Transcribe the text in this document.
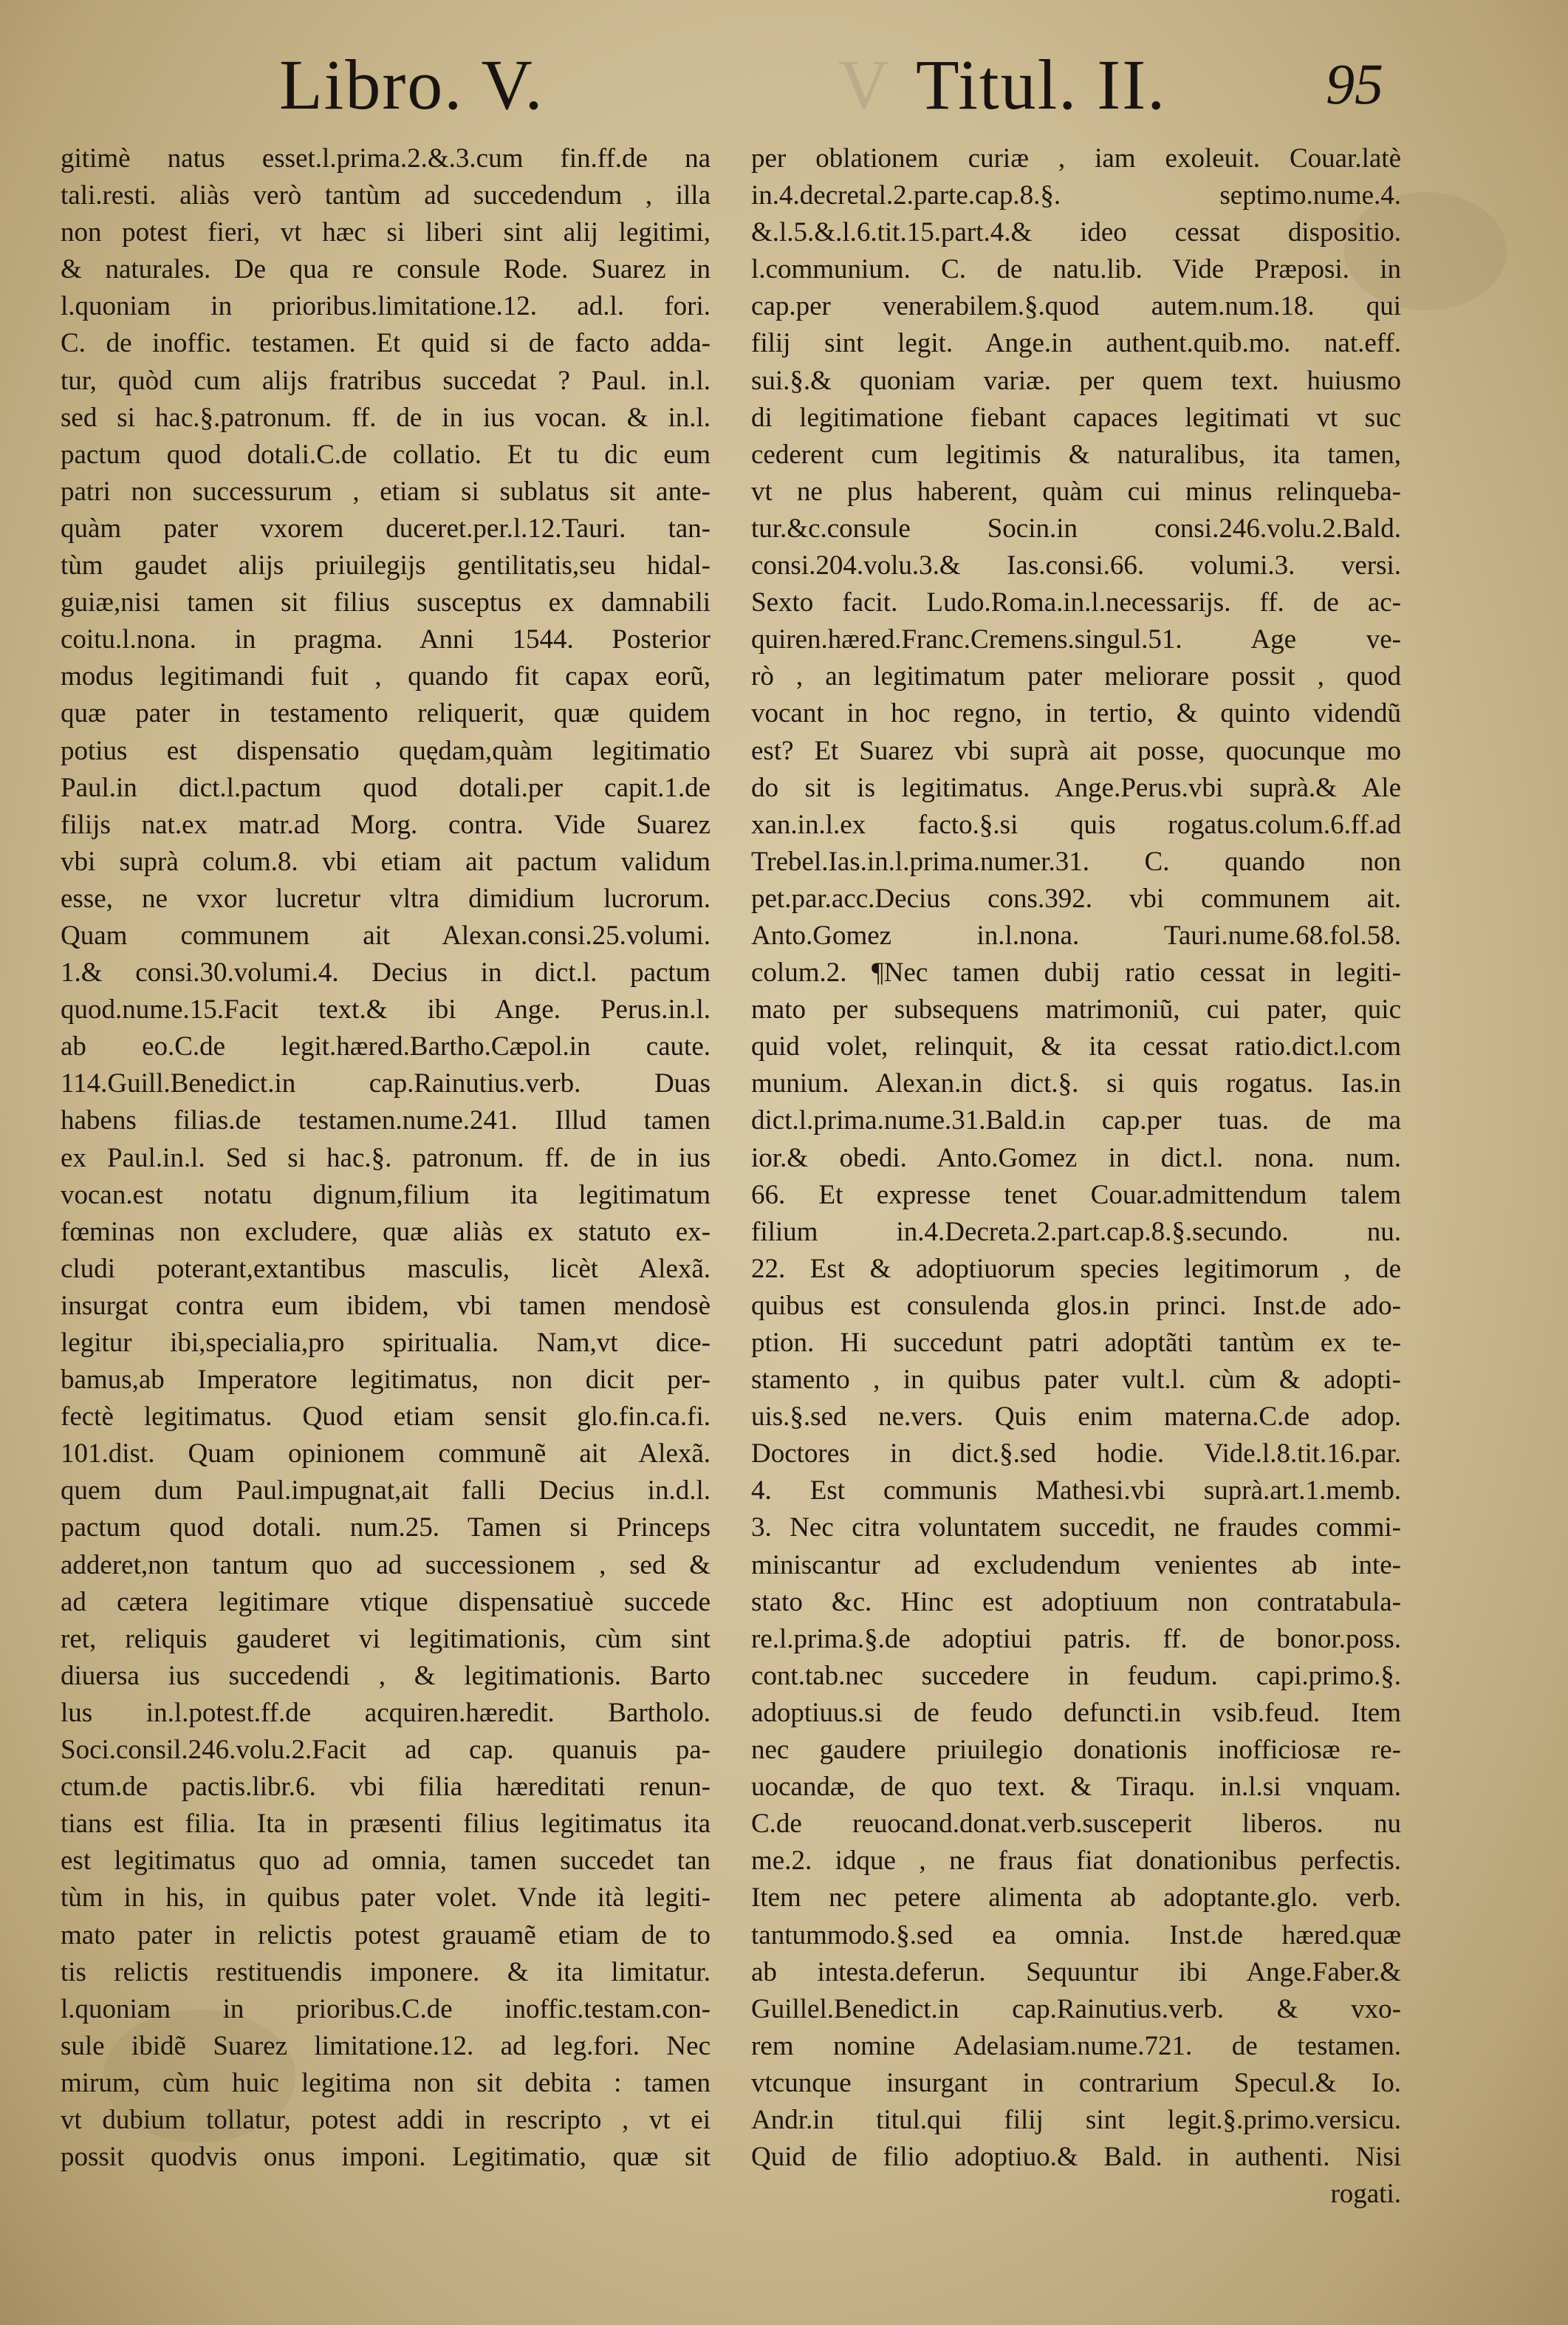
Libro. V.	V Titul. II.	95
gitimè natus esset.l.prima.2.&.3.cum fin.ff.de na
tali.resti. aliàs verò tantùm ad succedendum , illa
non potest fieri, vt hæc si liberi sint alij legitimi,
& naturales. De qua re consule Rode. Suarez in
l.quoniam in prioribus.limitatione.12. ad.l. fori.
C. de inoffic. testamen. Et quid si de facto adda-
tur, quòd cum alijs fratribus succedat ? Paul. in.l.
sed si hac.§.patronum. ff. de in ius vocan. & in.l.
pactum quod dotali.C.de collatio. Et tu dic eum
patri non successurum , etiam si sublatus sit ante-
quàm pater vxorem duceret.per.l.12.Tauri. tan-
tùm gaudet alijs priuilegijs gentilitatis,seu hidal-
guiæ,nisi tamen sit filius susceptus ex damnabili
coitu.l.nona. in pragma. Anni 1544. Posterior
modus legitimandi fuit , quando fit capax eorũ,
quæ pater in testamento reliquerit, quæ quidem
potius est dispensatio quędam,quàm legitimatio
Paul.in dict.l.pactum quod dotali.per capit.1.de
filijs nat.ex matr.ad Morg. contra. Vide Suarez
vbi suprà colum.8. vbi etiam ait pactum validum
esse, ne vxor lucretur vltra dimidium lucrorum.
Quam communem ait Alexan.consi.25.volumi.
1.& consi.30.volumi.4. Decius in dict.l. pactum
quod.nume.15.Facit text.& ibi Ange. Perus.in.l.
ab eo.C.de legit.hæred.Bartho.Cæpol.in caute.
114.Guill.Benedict.in cap.Rainutius.verb. Duas
habens filias.de testamen.nume.241. Illud tamen
ex Paul.in.l. Sed si hac.§. patronum. ff. de in ius
vocan.est notatu dignum,filium ita legitimatum
fœminas non excludere, quæ aliàs ex statuto ex-
cludi poterant,extantibus masculis, licèt Alexã.
insurgat contra eum ibidem, vbi tamen mendosè
legitur ibi,specialia,pro spiritualia. Nam,vt dice-
bamus,ab Imperatore legitimatus, non dicit per-
fectè legitimatus. Quod etiam sensit glo.fin.ca.fi.
101.dist. Quam opinionem communẽ ait Alexã.
quem dum Paul.impugnat,ait falli Decius in.d.l.
pactum quod dotali. num.25. Tamen si Princeps
adderet,non tantum quo ad successionem , sed &
ad cætera legitimare vtique dispensatiuè succede
ret, reliquis gauderet vi legitimationis, cùm sint
diuersa ius succedendi , & legitimationis. Barto
lus in.l.potest.ff.de acquiren.hæredit. Bartholo.
Soci.consil.246.volu.2.Facit ad cap. quanuis pa-
ctum.de pactis.libr.6. vbi filia hæreditati renun-
tians est filia. Ita in præsenti filius legitimatus ita
est legitimatus quo ad omnia, tamen succedet tan
tùm in his, in quibus pater volet. Vnde ità legiti-
mato pater in relictis potest grauamẽ etiam de to
tis relictis restituendis imponere. & ita limitatur.
l.quoniam in prioribus.C.de inoffic.testam.con-
sule ibidẽ Suarez limitatione.12. ad leg.fori. Nec
mirum, cùm huic legitima non sit debita : tamen
vt dubium tollatur, potest addi in rescripto , vt ei
possit quodvis onus imponi. Legitimatio, quæ sit
per oblationem curiæ , iam exoleuit. Couar.latè
in.4.decretal.2.parte.cap.8.§. septimo.nume.4.
&.l.5.&.l.6.tit.15.part.4.& ideo cessat dispositio.
l.communium. C. de natu.lib. Vide Præposi. in
cap.per venerabilem.§.quod autem.num.18. qui
filij sint legit. Ange.in authent.quib.mo. nat.eff.
sui.§.& quoniam variæ. per quem text. huiusmo
di legitimatione fiebant capaces legitimati vt suc
cederent cum legitimis & naturalibus, ita tamen,
vt ne plus haberent, quàm cui minus relinqueba-
tur.&c.consule Socin.in consi.246.volu.2.Bald.
consi.204.volu.3.& Ias.consi.66. volumi.3. versi.
Sexto facit. Ludo.Roma.in.l.necessarijs. ff. de ac-
quiren.hæred.Franc.Cremens.singul.51. Age ve-
rò , an legitimatum pater meliorare possit , quod
vocant in hoc regno, in tertio, & quinto videndũ
est? Et Suarez vbi suprà ait posse, quocunque mo
do sit is legitimatus. Ange.Perus.vbi suprà.& Ale
xan.in.l.ex facto.§.si quis rogatus.colum.6.ff.ad
Trebel.Ias.in.l.prima.numer.31. C. quando non
pet.par.acc.Decius cons.392. vbi communem ait.
Anto.Gomez in.l.nona. Tauri.nume.68.fol.58.
colum.2. ¶Nec tamen dubij ratio cessat in legiti-
mato per subsequens matrimoniũ, cui pater, quic
quid volet, relinquit, & ita cessat ratio.dict.l.com
munium. Alexan.in dict.§. si quis rogatus. Ias.in
dict.l.prima.nume.31.Bald.in cap.per tuas. de ma
ior.& obedi. Anto.Gomez in dict.l. nona. num.
66. Et expresse tenet Couar.admittendum talem
filium in.4.Decreta.2.part.cap.8.§.secundo. nu.
22. Est & adoptiuorum species legitimorum , de
quibus est consulenda glos.in princi. Inst.de ado-
ption. Hi succedunt patri adoptãti tantùm ex te-
stamento , in quibus pater vult.l. cùm & adopti-
uis.§.sed ne.vers. Quis enim materna.C.de adop.
Doctores in dict.§.sed hodie. Vide.l.8.tit.16.par.
4. Est communis Mathesi.vbi suprà.art.1.memb.
3. Nec citra voluntatem succedit, ne fraudes commi-
miniscantur ad excludendum venientes ab inte-
stato &c. Hinc est adoptiuum non contratabula-
re.l.prima.§.de adoptiui patris. ff. de bonor.poss.
cont.tab.nec succedere in feudum. capi.primo.§.
adoptiuus.si de feudo defuncti.in vsib.feud. Item
nec gaudere priuilegio donationis inofficiosæ re-
uocandæ, de quo text. & Tiraqu. in.l.si vnquam.
C.de reuocand.donat.verb.susceperit liberos. nu
me.2. idque , ne fraus fiat donationibus perfectis.
Item nec petere alimenta ab adoptante.glo. verb.
tantummodo.§.sed ea omnia. Inst.de hæred.quæ
ab intesta.deferun. Sequuntur ibi Ange.Faber.&
Guillel.Benedict.in cap.Rainutius.verb. & vxo-
rem nomine Adelasiam.nume.721. de testamen.
vtcunque insurgant in contrarium Specul.& Io.
Andr.in titul.qui filij sint legit.§.primo.versicu.
Quid de filio adoptiuo.& Bald. in authenti. Nisi
rogati.
